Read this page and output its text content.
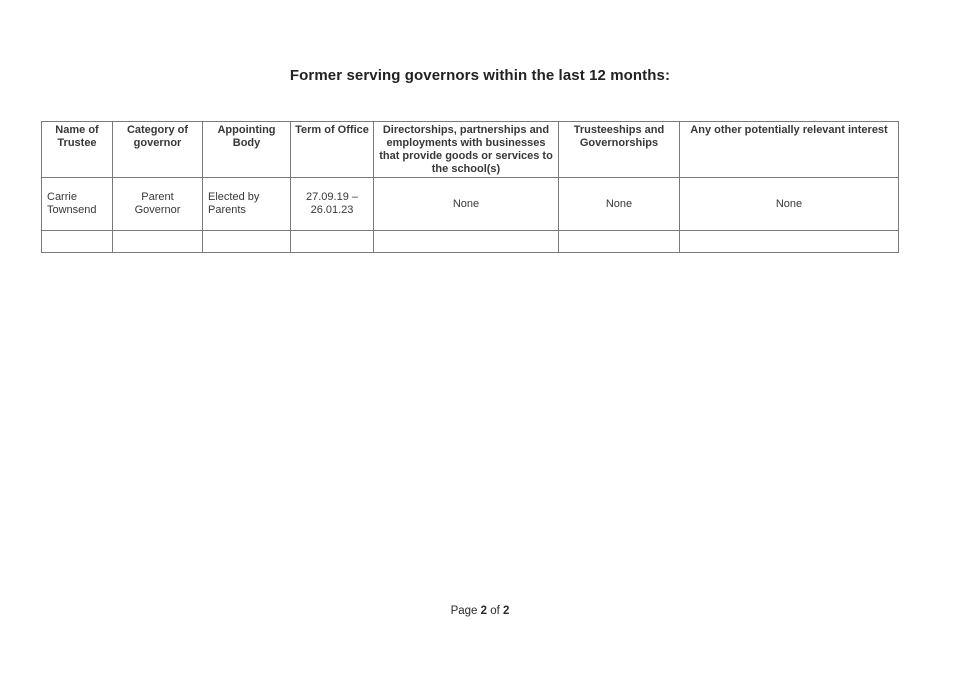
Former serving governors within the last 12 months:
Name of Trustee	Category of governor	Appointing Body	Term of Office	Directorships, partnerships and employments with businesses that provide goods or services to the school(s)	Trusteeships and Governorships	Any other potentially relevant interest
Carrie Townsend	Parent Governor	Elected by Parents	27.09.19 – 26.01.23	None	None	None

Page 2 of 2
